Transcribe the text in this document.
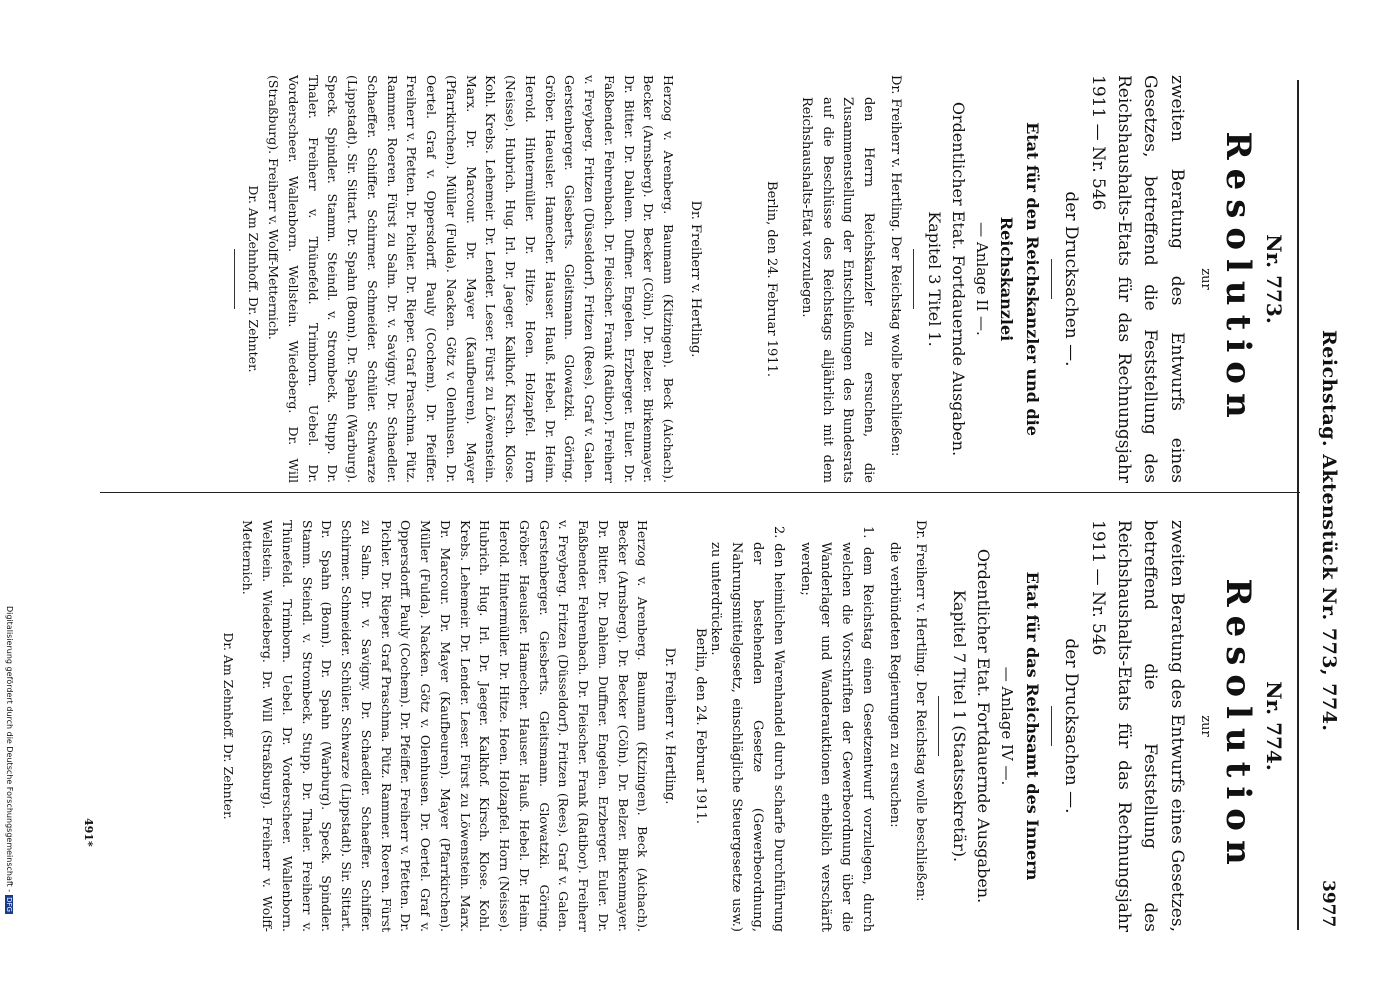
Reichstag. Aktenstück Nr. 773, 774.
3977
Nr. 773.
Resolution
zur

zweiten Beratung des Entwurfs eines Gesetzes, betreffend die Feststellung des Reichshaushalts-Etats für das Rechnungsjahr 1911 — Nr. 546

der Drucksachen —.

Etat für den Reichskanzler und die Reichskanzlei
— Anlage II —.
Ordentlicher Etat. Fortdauernde Ausgaben.
Kapitel 3 Titel 1.
Dr. Freiherr v. Hertling. Der Reichstag wolle beschließen:
den Herrn Reichskanzler zu ersuchen, die Zusammenstellung der Entschließungen des Bundesrats auf die Beschlüsse des Reichstags alljährlich mit dem Reichshaushalts-Etat vorzulegen.
Berlin, den 24. Februar 1911.
Dr. Freiherr v. Hertling.
Herzog v. Arenberg. Baumann (Kitzingen). Beck (Aichach). Becker (Arnsberg). Dr. Becker (Cöln). Dr. Belzer. Birkenmayer. Dr. Bitter. Dr. Dahlem. Duffner. Engelen. Erzberger. Euler. Dr. Faßbender. Fehrenbach. Dr. Fleischer. Frank (Ratibor). Freiherr v. Freyberg. Fritzen (Düsseldorf). Fritzen (Rees). Graf v. Galen. Gerstenberger. Giesberts. Gleitsmann. Glowatzki. Göring. Gröber. Haeusler. Hamecher. Hauser. Hauß. Hebel. Dr. Heim. Herold. Hintermüller. Dr. Hitze. Hoen. Holzapfel. Horn (Neisse). Hubrich. Hug. Irl. Dr. Jaeger. Kalkhof. Kirsch. Klose. Kohl. Krebs. Lehemeir. Dr. Lender. Leser. Fürst zu Löwenstein. Marx. Dr. Marcour. Dr. Mayer (Kaufbeuren). Mayer (Pfarrkirchen). Müller (Fulda). Nacken. Götz v. Olenhusen. Dr. Oertel. Graf v. Oppersdorff. Pauly (Cochem). Dr. Pfeiffer. Freiherr v. Pfetten. Dr. Pichler. Dr. Rieper. Graf Praschma. Pütz. Rammer. Roeren. Fürst zu Salm. Dr. v. Savigny. Dr. Schaedler. Schaeffer. Schiffer. Schirmer. Schmeider. Schüler. Schwarze (Lippstadt). Sir. Sittart. Dr. Spahn (Bonn). Dr. Spahn (Warburg). Speck. Spindler. Stamm. Steindl. v. Strombeck. Stupp. Dr. Thaler. Freiherr v. Thünefeld. Trimborn. Uebel. Dr. Vorderscheer. Wallenborn. Wellstein. Wiedeberg. Dr. Will (Straßburg). Freiherr v. Wolff-Metternich.
Dr. Am Zehnhoff. Dr. Zehnter.
Nr. 774.
Resolution
zur

zweiten Beratung des Entwurfs eines Gesetzes, betreffend die Feststellung des Reichshaushalts-Etats für das Rechnungsjahr 1911 — Nr. 546

der Drucksachen —.

Etat für das Reichsamt des Innern
— Anlage IV —.
Ordentlicher Etat. Fortdauernde Ausgaben.
Kapitel 7 Titel 1 (Staatssekretär).
Dr. Freiherr v. Hertling. Der Reichstag wolle beschließen:
die verbündeten Regierungen zu ersuchen:
1. dem Reichstag einen Gesetzentwurf vorzulegen, durch welchen die Vorschriften der Gewerbeordnung über die Wanderlager und Wanderauktionen erheblich verschärft werden;
2. den heimlichen Warenhandel durch scharfe Durchführung der bestehenden Gesetze (Gewerbeordnung, Nahrungsmittelgesetz, einschlägliche Steuergesetze usw.) zu unterdrücken.
Berlin, den 24. Februar 1911.
Dr. Freiherr v. Hertling.
Herzog v. Arenberg. Baumann (Kitzingen). Beck (Aichach). Becker (Arnsberg). Dr. Becker (Cöln). Dr. Belzer. Birkenmayer. Dr. Bitter. Dr. Dahlem. Duffner. Engelen. Erzberger. Euler. Dr. Faßbender. Fehrenbach. Dr. Fleischer. Frank (Ratibor). Freiherr v. Freyberg. Fritzen (Düsseldorf). Fritzen (Rees). Graf v. Galen. Gerstenberger. Giesberts. Gleitsmann. Glowatzki. Göring. Gröber. Haeusler. Hamecher. Hauser. Hauß. Hebel. Dr. Heim. Herold. Hintermüller. Dr. Hitze. Hoen. Holzapfel. Horn (Neisse). Hubrich. Hug. Irl. Dr. Jaeger. Kalkhof. Kirsch. Klose. Kohl. Krebs. Lehemeir. Dr. Lender. Leser. Fürst zu Löwenstein. Marx. Dr. Marcour. Dr. Mayer (Kaufbeuren). Mayer (Pfarrkirchen). Müller (Fulda). Nacken. Götz v. Olenhusen. Dr. Oertel. Graf v. Oppersdorff. Pauly (Cochem). Dr. Pfeiffer. Freiherr v. Pfetten. Dr. Pichler. Dr. Rieper. Graf Praschma. Pütz. Rammer. Roeren. Fürst zu Salm. Dr. v. Savigny. Dr. Schaedler. Schaeffer. Schiffer. Schirmer. Schmeider. Schüler. Schwarze (Lippstadt). Sir. Sittart. Dr. Spahn (Bonn). Dr. Spahn (Warburg). Speck. Spindler. Stamm. Steindl. v. Strombeck. Stupp. Dr. Thaler. Freiherr v. Thünefeld. Trimborn. Uebel. Dr. Vorderscheer. Wallenborn. Wellstein. Wiedeberg. Dr. Will (Straßburg). Freiherr v. Wolff-Metternich.
Dr. Am Zehnhoff. Dr. Zehnter.
491*
Digitalisierung gefördert durch die Deutsche Forschungsgemeinschaft -DFG
